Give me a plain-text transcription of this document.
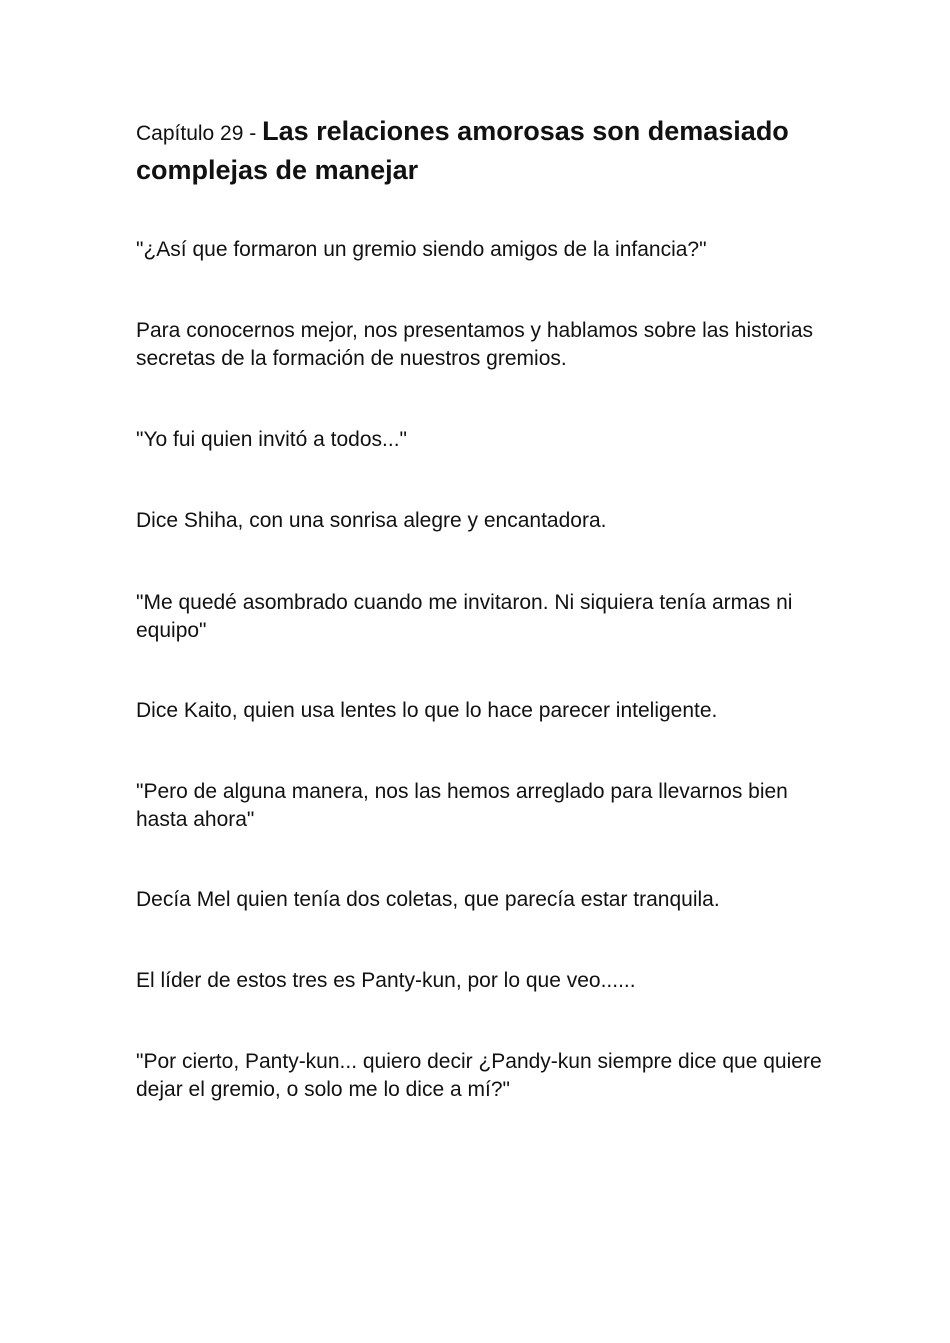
Capítulo 29 - Las relaciones amorosas son demasiado complejas de manejar

"¿Así que formaron un gremio siendo amigos de la infancia?"

Para conocernos mejor, nos presentamos y hablamos sobre las historias secretas de la formación de nuestros gremios.

"Yo fui quien invitó a todos..."

Dice Shiha, con una sonrisa alegre y encantadora.

"Me quedé asombrado cuando me invitaron. Ni siquiera tenía armas ni equipo"

Dice Kaito, quien usa lentes lo que lo hace parecer inteligente.

"Pero de alguna manera, nos las hemos arreglado para llevarnos bien hasta ahora"

Decía Mel quien tenía dos coletas, que parecía estar tranquila.

El líder de estos tres es Panty-kun, por lo que veo......

"Por cierto, Panty-kun... quiero decir ¿Pandy-kun siempre dice que quiere dejar el gremio, o solo me lo dice a mí?"
